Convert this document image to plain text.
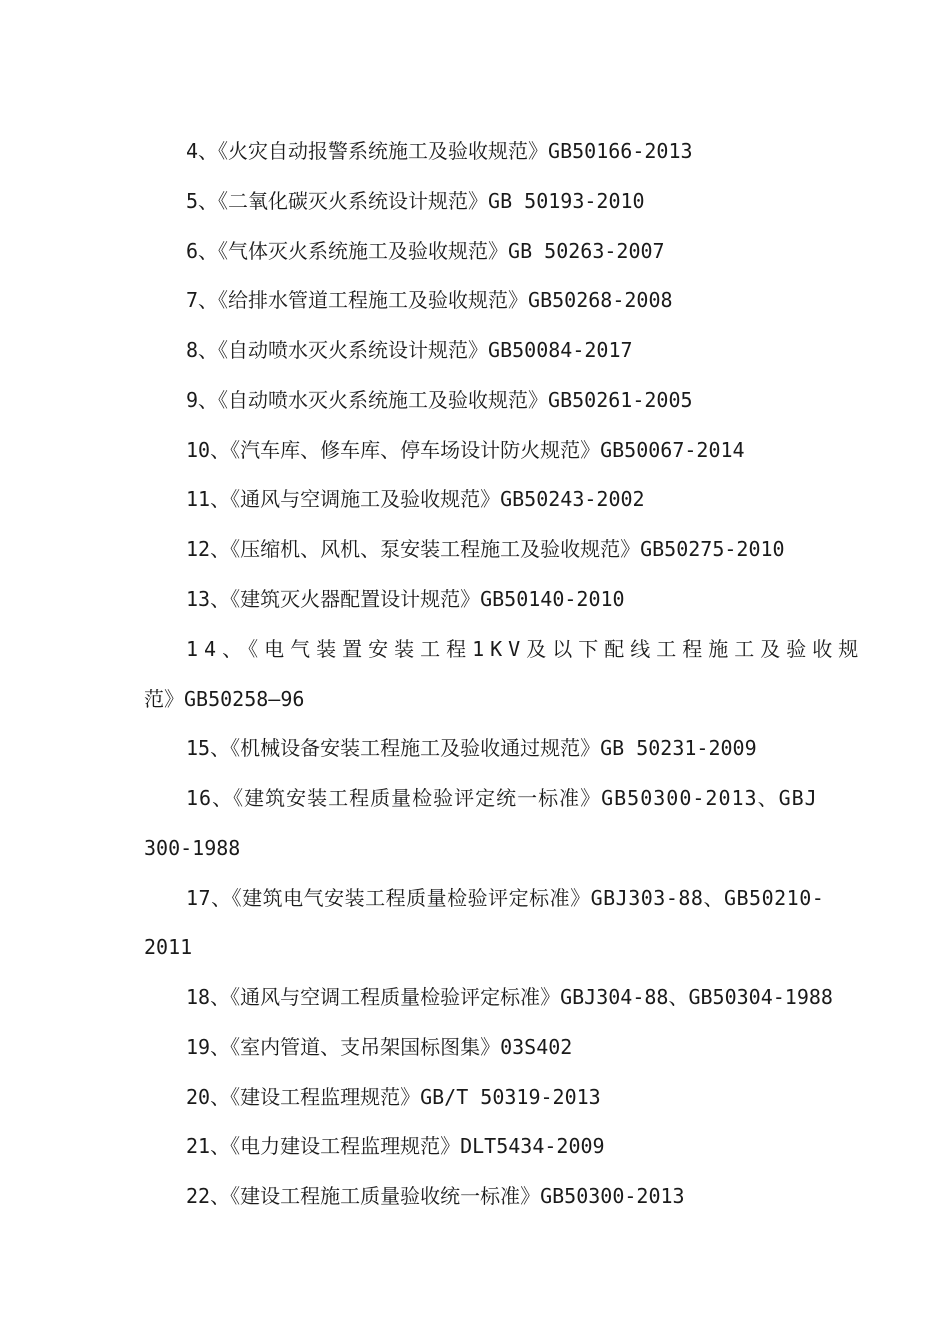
4、《火灾自动报警系统施工及验收规范》GB50166-2013
5、《二氧化碳灭火系统设计规范》GB 50193-2010
6、《气体灭火系统施工及验收规范》GB 50263-2007
7、《给排水管道工程施工及验收规范》GB50268-2008
8、《自动喷水灭火系统设计规范》GB50084-2017
9、《自动喷水灭火系统施工及验收规范》GB50261-2005
10、《汽车库、修车库、停车场设计防火规范》GB50067-2014
11、《通风与空调施工及验收规范》GB50243-2002
12、《压缩机、风机、泵安装工程施工及验收规范》GB50275-2010
13、《建筑灭火器配置设计规范》GB50140-2010
14、《电气装置安装工程1KV及以下配线工程施工及验收规
范》GB50258—96
15、《机械设备安装工程施工及验收通过规范》GB 50231-2009
16、《建筑安装工程质量检验评定统一标准》GB50300-2013、GBJ
300-1988
17、《建筑电气安装工程质量检验评定标准》GBJ303-88、GB50210-
2011
18、《通风与空调工程质量检验评定标准》GBJ304-88、GB50304-1988
19、《室内管道、支吊架国标图集》03S402
20、《建设工程监理规范》GB/T 50319-2013
21、《电力建设工程监理规范》DLT5434-2009
22、《建设工程施工质量验收统一标准》GB50300-2013
